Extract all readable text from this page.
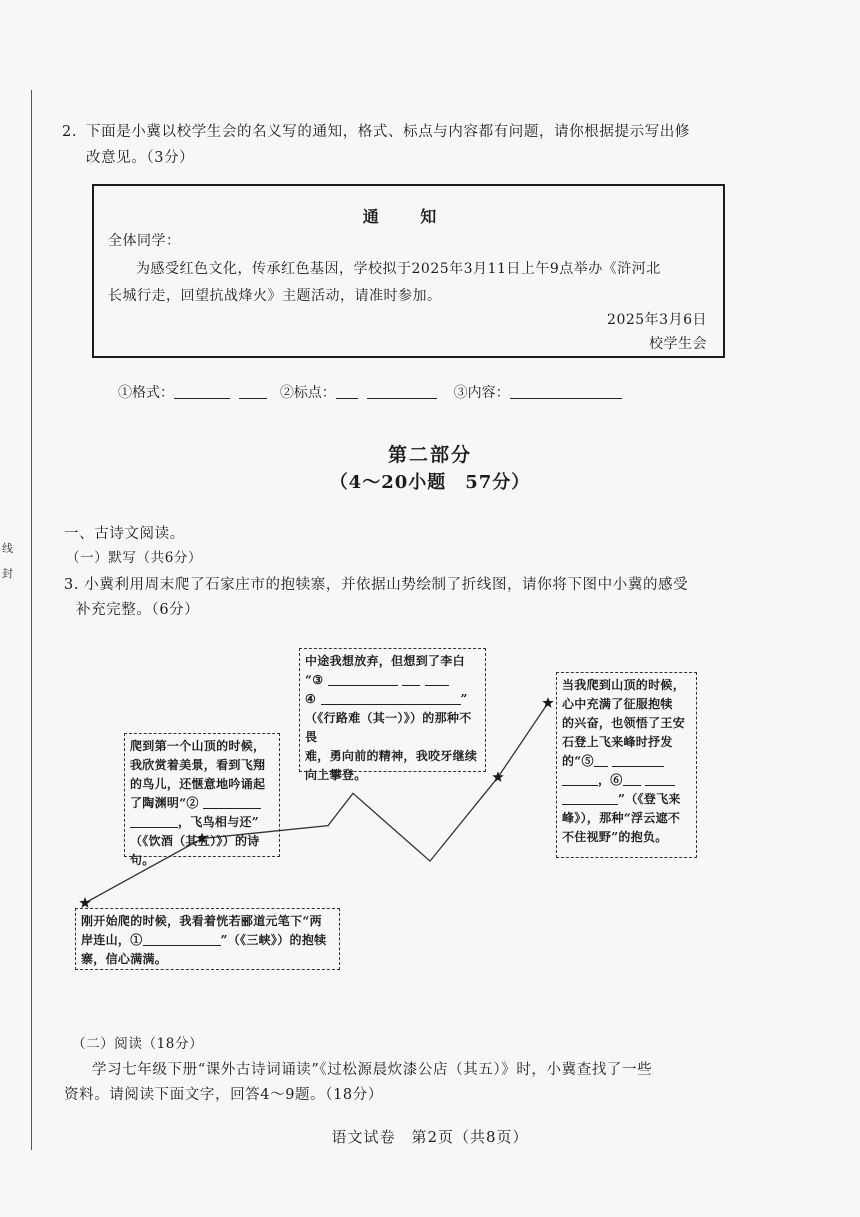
线
封
2. 下面是小冀以校学生会的名义写的通知，格式、标点与内容都有问题，请你根据提示写出修
改意见。（3分）
通 知
全体同学：
为感受红色文化，传承红色基因，学校拟于2025年3月11日上午9点举办《浒河北
长城行走，回望抗战烽火》主题活动，请准时参加。
2025年3月6日
校学生会
①格式：	②标点：	③内容：
第二部分
（4～20小题　57分）
一、古诗文阅读。
（一）默写（共6分）
3. 小冀利用周末爬了石家庄市的抱犊寨，并依据山势绘制了折线图，请你将下图中小冀的感受
补充完整。（6分）
刚开始爬的时候，我看着恍若郦道元笔下“两
岸连山，①	”（《三峡》）的抱犊
寨，信心满满。
爬到第一个山顶的时候，
我欣赏着美景，看到飞翔
的鸟儿，还惬意地吟诵起
了陶渊明“②
，飞鸟相与还”
（《饮酒（其五）》）的诗句。
中途我想放弃，但想到了李白
“③
④	”
（《行路难（其一）》）的那种不畏
难，勇向前的精神，我咬牙继续
向上攀登。
当我爬到山顶的时候，
心中充满了征服抱犊
的兴奋，也领悟了王安
石登上飞来峰时抒发
的“⑤
，⑥
”（《登飞来
峰》），那种“浮云遮不
不住视野”的抱负。
（二）阅读（18分）
学习七年级下册“课外古诗词诵读”《过松源晨炊漆公店（其五）》时，小冀查找了一些
资料。请阅读下面文字，回答4～9题。（18分）
语文试卷　第2页（共8页）
